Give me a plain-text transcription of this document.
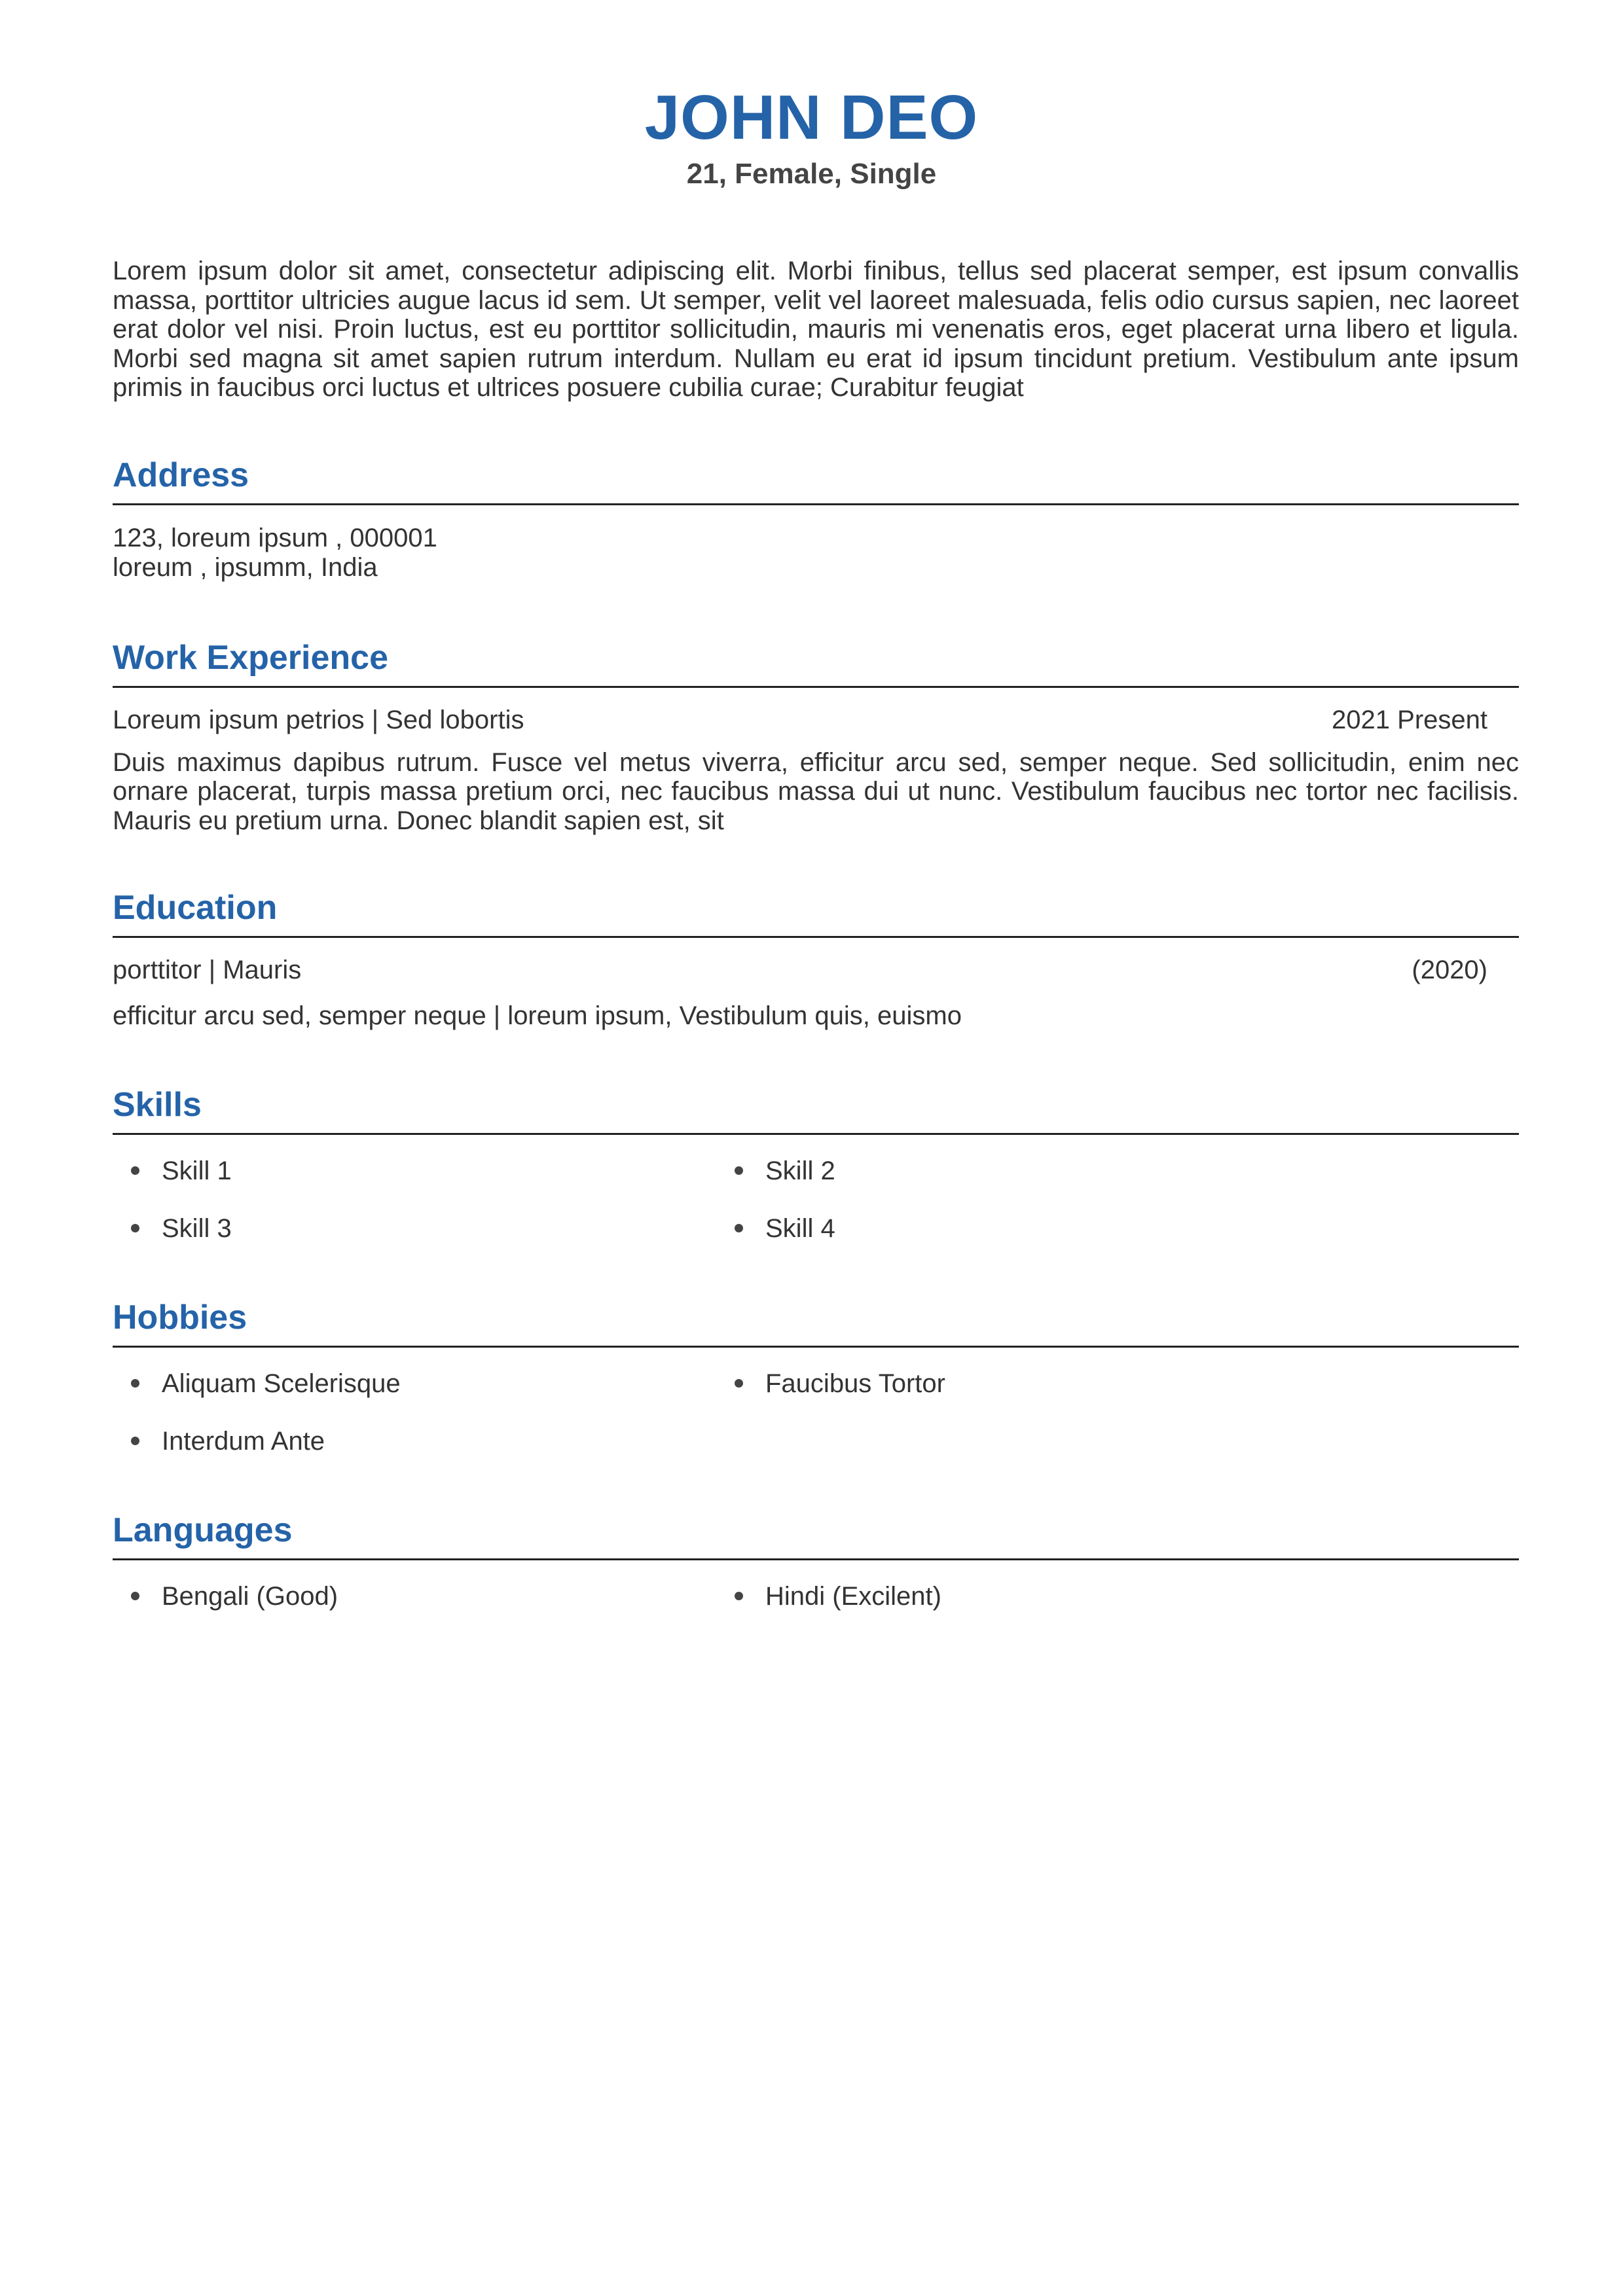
JOHN DEO
21, Female, Single

Lorem ipsum dolor sit amet, consectetur adipiscing elit. Morbi finibus, tellus sed placerat semper, est ipsum convallis massa, porttitor ultricies augue lacus id sem. Ut semper, velit vel laoreet malesuada, felis odio cursus sapien, nec laoreet erat dolor vel nisi. Proin luctus, est eu porttitor sollicitudin, mauris mi venenatis eros, eget placerat urna libero et ligula. Morbi sed magna sit amet sapien rutrum interdum. Nullam eu erat id ipsum tincidunt pretium. Vestibulum ante ipsum primis in faucibus orci luctus et ultrices posuere cubilia curae; Curabitur feugiat

Address
123, loreum ipsum , 000001
loreum , ipsumm, India
Work Experience
Loreum ipsum petrios | Sed lobortis	2021 Present
Duis maximus dapibus rutrum. Fusce vel metus viverra, efficitur arcu sed, semper neque. Sed sollicitudin, enim nec ornare placerat, turpis massa pretium orci, nec faucibus massa dui ut nunc. Vestibulum faucibus nec tortor nec facilisis. Mauris eu pretium urna. Donec blandit sapien est, sit
Education
porttitor | Mauris	(2020)
efficitur arcu sed, semper neque | loreum ipsum, Vestibulum quis, euismo
Skills
Skill 1	Skill 2
Skill 3	Skill 4
Hobbies
Aliquam Scelerisque	Faucibus Tortor
Interdum Ante
Languages
Bengali (Good)	Hindi (Excilent)
